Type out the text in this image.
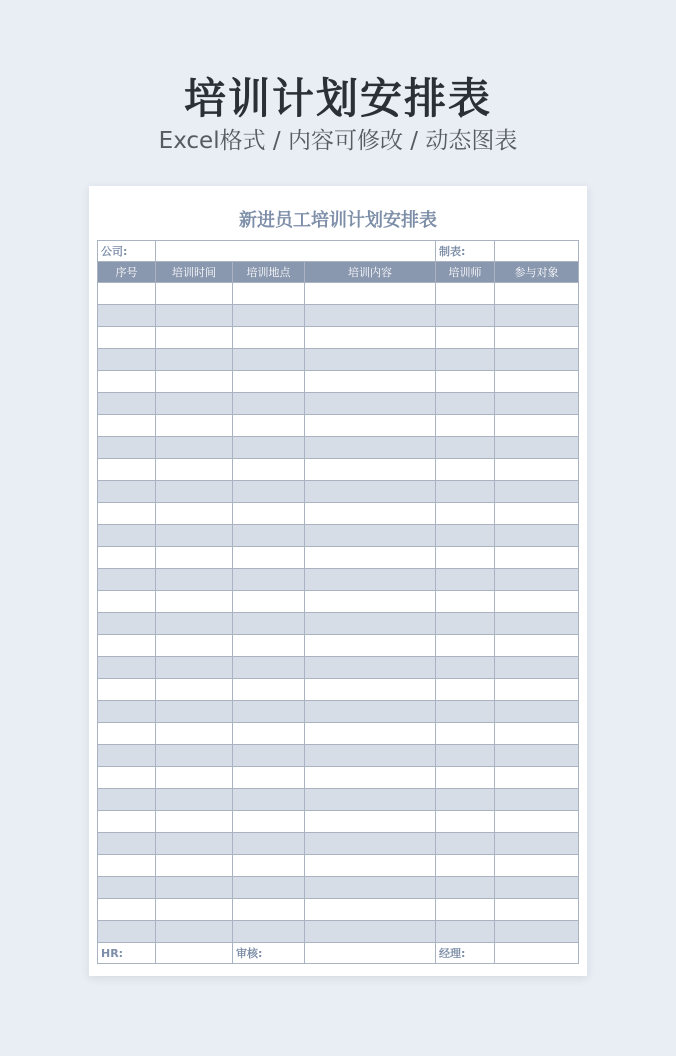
培训计划安排表
Excel格式 / 内容可修改 / 动态图表
新进员工培训计划安排表
公司:				制表:	
序号	培训时间	培训地点	培训内容	培训师	参与对象

HR:		审核:		经理:	
